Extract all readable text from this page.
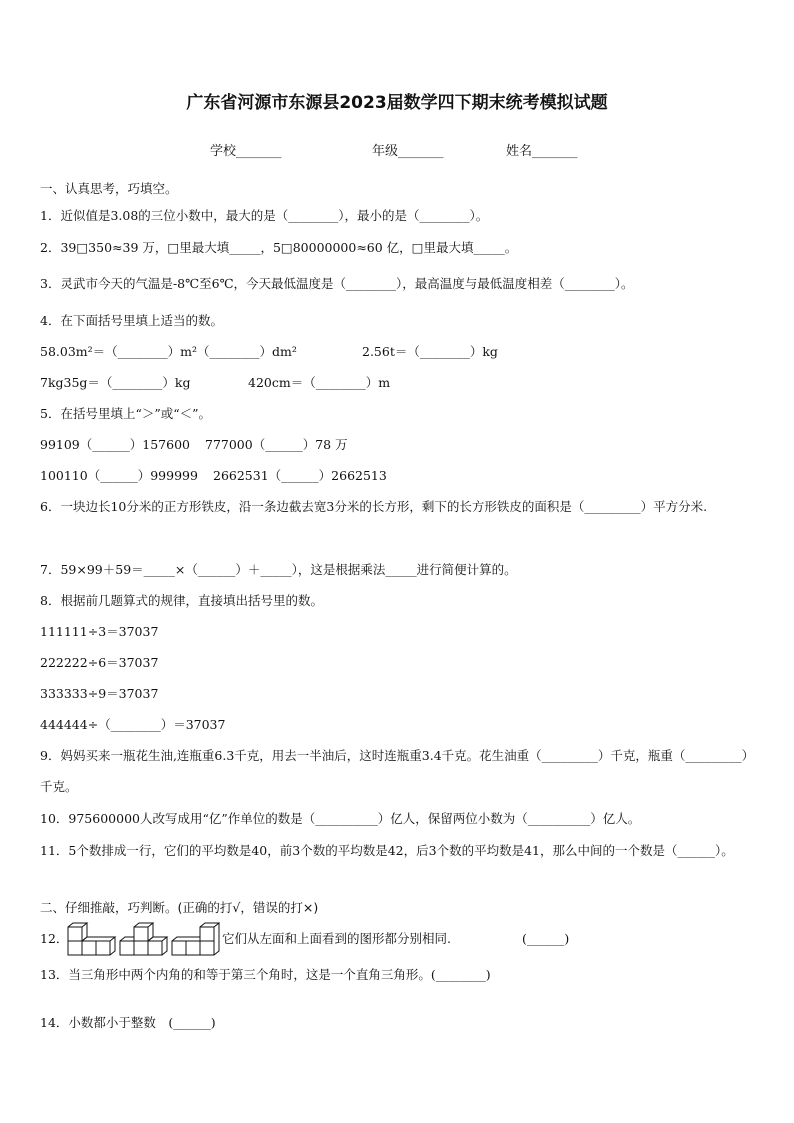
广东省河源市东源县2023届数学四下期末统考模拟试题
学校_______	年级_______	姓名_______
一、认真思考，巧填空。
1．近似值是3.08的三位小数中，最大的是（________），最小的是（________）。
2．39□350≈39 万，□里最大填_____，5□80000000≈60 亿，□里最大填_____。
3．灵武市今天的气温是-8℃至6℃，今天最低温度是（________），最高温度与最低温度相差（________）。
4．在下面括号里填上适当的数。
58.03m²＝（________）m²（________）dm²	2.56t＝（________）kg
7kg35g＝（________）kg	420cm＝（________）m
5．在括号里填上“＞”或“＜”。
99109（______）157600 777000（______）78 万
100110（______）999999 2662531（______）2662513
6．一块边长10分米的正方形铁皮，沿一条边截去宽3分米的长方形，剩下的长方形铁皮的面积是（_________）平方分米.
7．59×99＋59＝_____×（______）＋_____），这是根据乘法_____进行简便计算的。
8．根据前几题算式的规律，直接填出括号里的数。
111111÷3＝37037
222222÷6＝37037
333333÷9＝37037
444444÷（________）＝37037
9．妈妈买来一瓶花生油,连瓶重6.3千克，用去一半油后，这时连瓶重3.4千克。花生油重（_________）千克，瓶重（_________）千克。
10．975600000人改写成用“亿”作单位的数是（__________）亿人，保留两位小数为（__________）亿人。
11．5个数排成一行，它们的平均数是40，前3个数的平均数是42，后3个数的平均数是41，那么中间的一个数是（______）。
二、仔细推敲，巧判断。(正确的打√，错误的打×)
12．	它们从左面和上面看到的图形都分别相同.	(______)
13．当三角形中两个内角的和等于第三个角时，这是一个直角三角形。(________)
14．小数都小于整数　(______)
